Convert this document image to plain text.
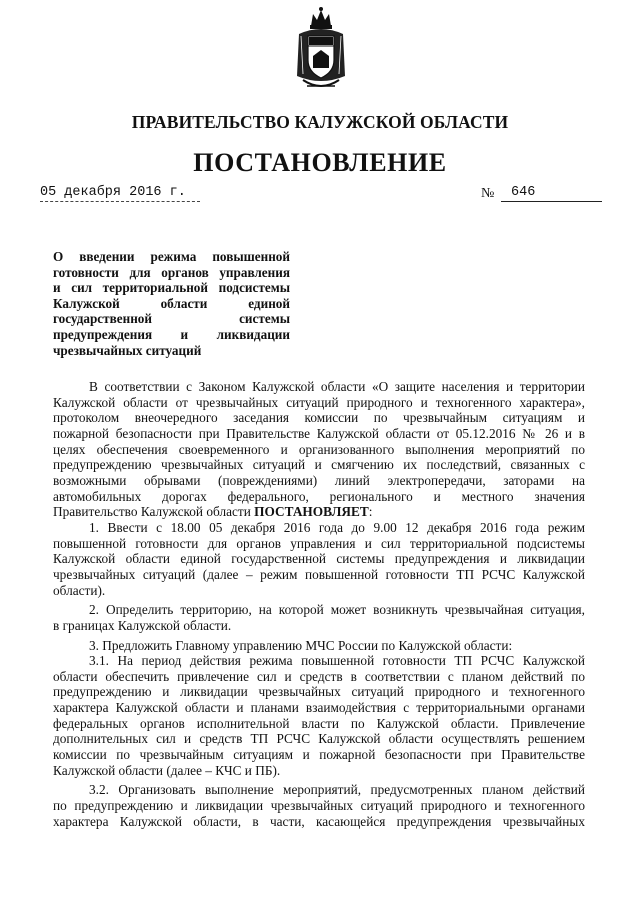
ПРАВИТЕЛЬСТВО КАЛУЖСКОЙ ОБЛАСТИ
ПОСТАНОВЛЕНИЕ
05 декабря 2016 г.	№	646
О введении режима повышенной
готовности для органов управления
и сил территориальной подсистемы
Калужской области единой
государственной системы
предупреждения и ликвидации
чрезвычайных ситуаций
В соответствии с Законом Калужской области «О защите населения и территории
Калужской области от чрезвычайных ситуаций природного и техногенного характера»,
протоколом внеочередного заседания комиссии по чрезвычайным ситуациям и
пожарной безопасности при Правительстве Калужской области от 05.12.2016 № 26 и в
целях обеспечения своевременного и организованного выполнения мероприятий по
предупреждению чрезвычайных ситуаций и смягчению их последствий, связанных с
возможными обрывами (повреждениями) линий электропередачи, заторами на
автомобильных дорогах федерального, регионального и местного значения
Правительство Калужской области ПОСТАНОВЛЯЕТ:
1. Ввести с 18.00 05 декабря 2016 года до 9.00 12 декабря 2016 года режим
повышенной готовности для органов управления и сил территориальной подсистемы
Калужской области единой государственной системы предупреждения и ликвидации
чрезвычайных ситуаций (далее – режим повышенной готовности ТП РСЧС Калужской
области).
2. Определить территорию, на которой может возникнуть чрезвычайная ситуация,
в границах Калужской области.
3. Предложить Главному управлению МЧС России по Калужской области:
3.1. На период действия режима повышенной готовности ТП РСЧС Калужской
области обеспечить привлечение сил и средств в соответствии с планом действий по
предупреждению и ликвидации чрезвычайных ситуаций природного и техногенного
характера Калужской области и планами взаимодействия с территориальными органами
федеральных органов исполнительной власти по Калужской области. Привлечение
дополнительных сил и средств ТП РСЧС Калужской области осуществлять решением
комиссии по чрезвычайным ситуациям и пожарной безопасности при Правительстве
Калужской области (далее – КЧС и ПБ).
3.2. Организовать выполнение мероприятий, предусмотренных планом действий
по предупреждению и ликвидации чрезвычайных ситуаций природного и техногенного
характера Калужской области, в части, касающейся предупреждения чрезвычайных
